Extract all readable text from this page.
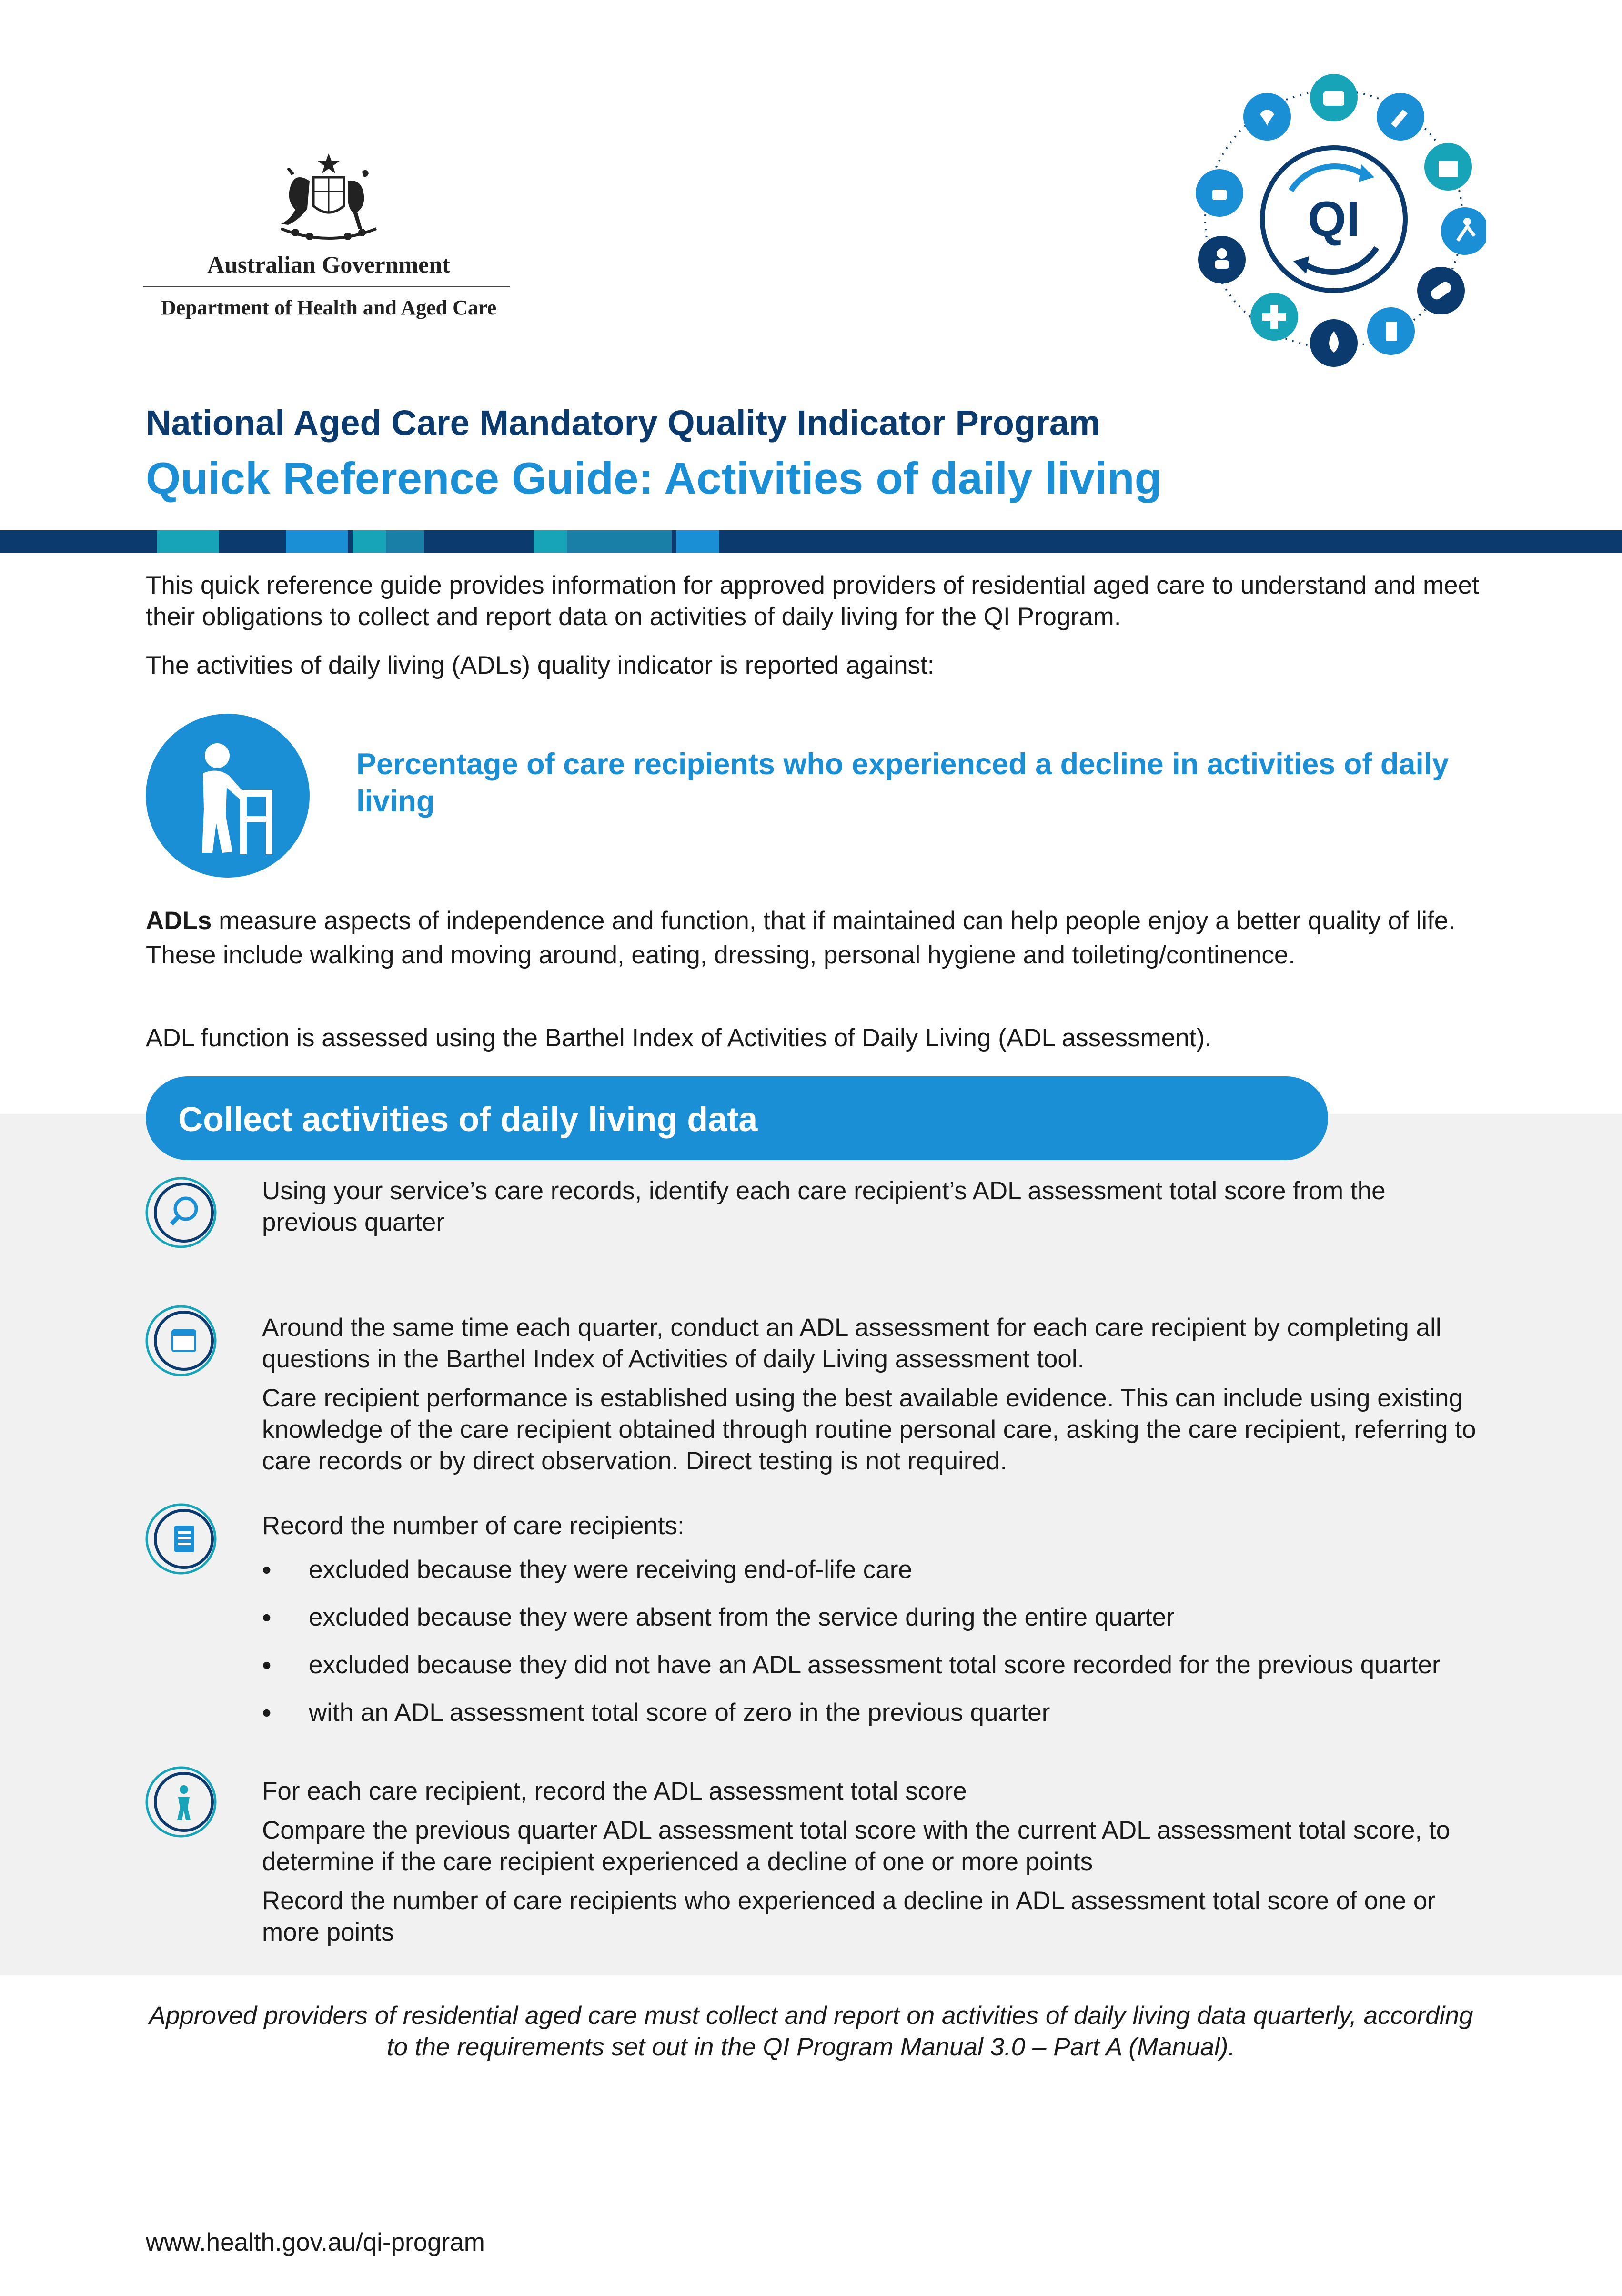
Australian Government
Department of Health and Aged Care
QI
National Aged Care Mandatory Quality Indicator Program
Quick Reference Guide: Activities of daily living
This quick reference guide provides information for approved providers of residential aged care to understand and meet their obligations to collect and report data on activities of daily living for the QI Program.
The activities of daily living (ADLs) quality indicator is reported against:
Percentage of care recipients who experienced a decline in activities of daily living
ADLs measure aspects of independence and function, that if maintained can help people enjoy a better quality of life. These include walking and moving around, eating, dressing, personal hygiene and toileting/continence.
ADL function is assessed using the Barthel Index of Activities of Daily Living (ADL assessment).
Collect activities of daily living data

Using your service’s care records, identify each care recipient’s ADL assessment total score from the previous quarter

Around the same time each quarter, conduct an ADL assessment for each care recipient by completing all questions in the Barthel Index of Activities of daily Living assessment tool.

Care recipient performance is established using the best available evidence. This can include using existing knowledge of the care recipient obtained through routine personal care, asking the care recipient, referring to care records or by direct observation. Direct testing is not required.

Record the number of care recipients:

• excluded because they were receiving end-of-life care
• excluded because they were absent from the service during the entire quarter
• excluded because they did not have an ADL assessment total score recorded for the previous quarter
• with an ADL assessment total score of zero in the previous quarter

For each care recipient, record the ADL assessment total score

Compare the previous quarter ADL assessment total score with the current ADL assessment total score, to determine if the care recipient experienced a decline of one or more points

Record the number of care recipients who experienced a decline in ADL assessment total score of one or more points

Approved providers of residential aged care must collect and report on activities of daily living data quarterly, according to the requirements set out in the QI Program Manual 3.0 – Part A (Manual).
www.health.gov.au/qi-program
